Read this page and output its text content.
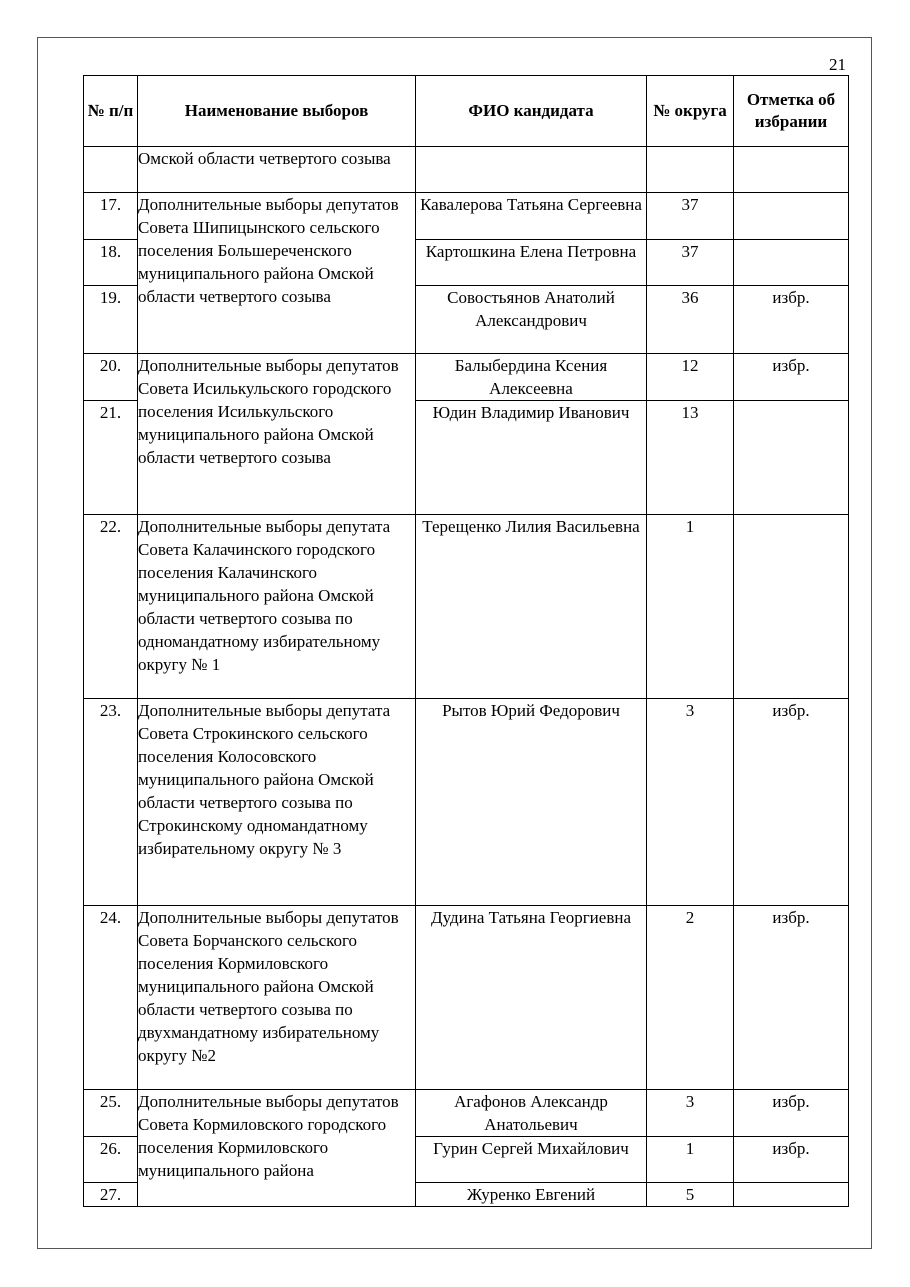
21
№ п/п	Наименование выборов	ФИО кандидата	№ округа	Отметка об избрании
	Омской области четвертого созыва			
17.	Дополнительные выборы депутатов Совета Шипицынского сельского поселения Большереченского муниципального района Омской области четвертого созыва	Кавалерова Татьяна Сергеевна	37	
18.		Картошкина Елена Петровна	37	
19.		Совостьянов Анатолий Александрович	36	избр.
20.	Дополнительные выборы депутатов Совета Исилькульского городского поселения Исилькульского муниципального района Омской области четвертого созыва	Балыбердина Ксения Алексеевна	12	избр.
21.		Юдин Владимир Иванович	13	
22.	Дополнительные выборы депутата Совета Калачинского городского поселения Калачинского муниципального района Омской области четвертого созыва по одномандатному избирательному округу № 1	Терещенко Лилия Васильевна	1	
23.	Дополнительные выборы депутата Совета Строкинского сельского поселения Колосовского муниципального района Омской области четвертого созыва по Строкинскому одномандатному избирательному округу № 3	Рытов Юрий Федорович	3	избр.
24.	Дополнительные выборы депутатов Совета Борчанского сельского поселения Кормиловского муниципального района Омской области четвертого созыва по двухмандатному избирательному округу №2	Дудина Татьяна Георгиевна	2	избр.
25.	Дополнительные выборы депутатов Совета Кормиловского городского поселения Кормиловского муниципального района	Агафонов Александр Анатольевич	3	избр.
26.		Гурин Сергей Михайлович	1	избр.
27.		Журенко Евгений	5	
